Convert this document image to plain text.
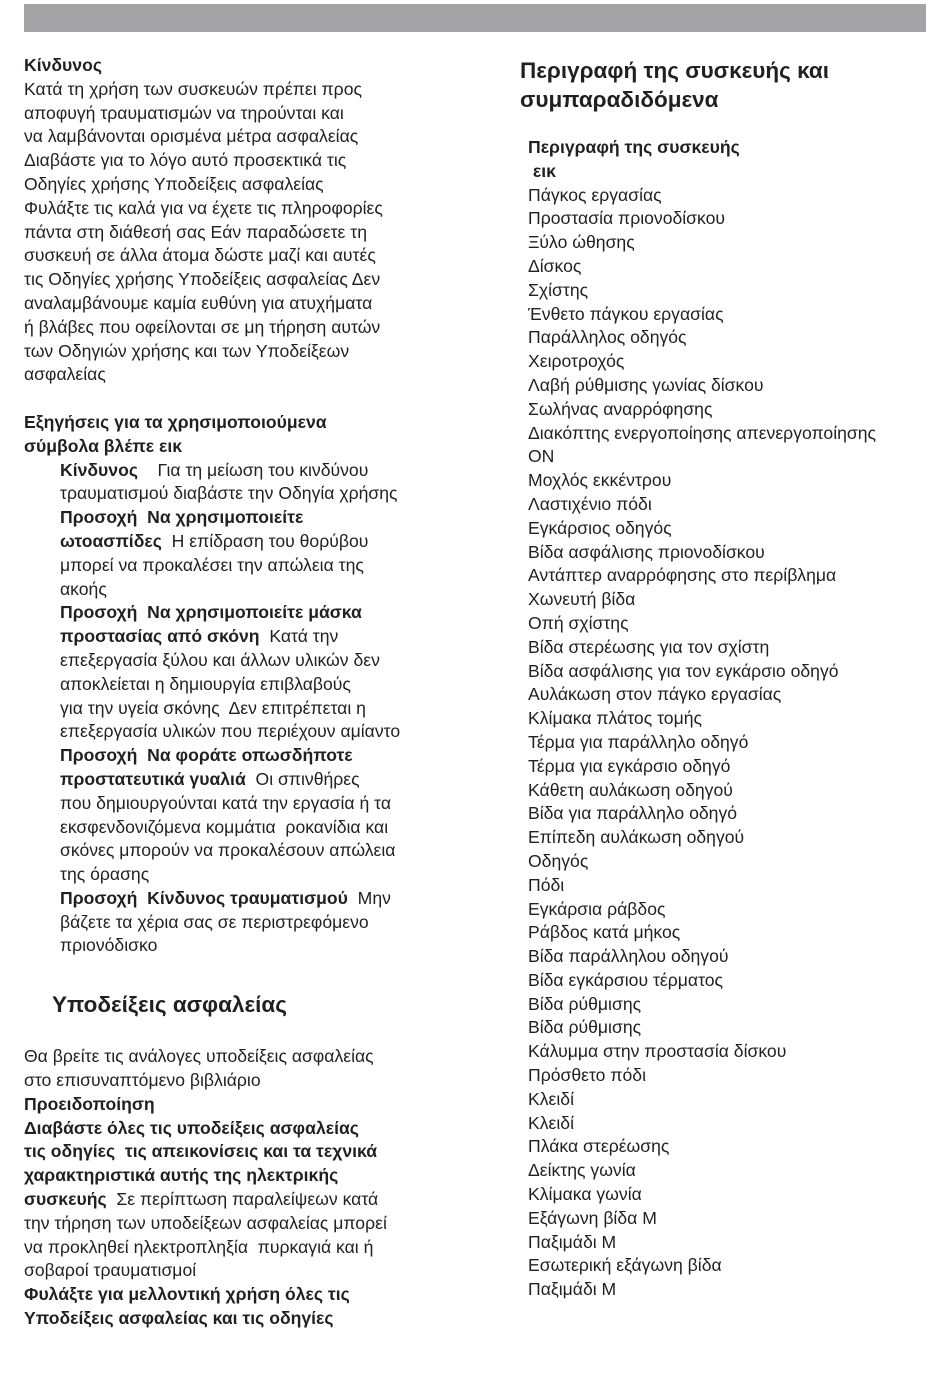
Κίνδυνος
Κατά τη χρήση των συσκευών πρέπει προς
αποφυγή τραυματισμών να τηρούνται και
να λαμβάνονται ορισμένα μέτρα ασφαλείας
Διαβάστε για το λόγο αυτό προσεκτικά τις
Οδηγίες χρήσης Υποδείξεις ασφαλείας
Φυλάξτε τις καλά για να έχετε τις πληροφορίες
πάντα στη διάθεσή σας Εάν παραδώσετε τη
συσκευή σε άλλα άτομα δώστε μαζί και αυτές
τις Οδηγίες χρήσης Υποδείξεις ασφαλείας Δεν
αναλαμβάνουμε καμία ευθύνη για ατυχήματα
ή βλάβες που οφείλονται σε μη τήρηση αυτών
των Οδηγιών χρήσης και των Υποδείξεων
ασφαλείας
Εξηγήσεις για τα χρησιμοποιούμενα
σύμβολα βλέπε εικ
Κίνδυνος    Για τη μείωση του κινδύνου
τραυματισμού διαβάστε την Οδηγία χρήσης
Προσοχή  Να χρησιμοποιείτε
ωτοασπίδες  Η επίδραση του θορύβου
μπορεί να προκαλέσει την απώλεια της
ακοής
Προσοχή  Να χρησιμοποιείτε μάσκα
προστασίας από σκόνη  Κατά την
επεξεργασία ξύλου και άλλων υλικών δεν
αποκλείεται η δημιουργία επιβλαβούς
για την υγεία σκόνης  Δεν επιτρέπεται η
επεξεργασία υλικών που περιέχουν αμίαντο
Προσοχή  Να φοράτε οπωσδήποτε
προστατευτικά γυαλιά  Οι σπινθήρες
που δημιουργούνται κατά την εργασία ή τα
εκσφενδονιζόμενα κομμάτια  ροκανίδια και
σκόνες μπορούν να προκαλέσουν απώλεια
της όρασης
Προσοχή  Κίνδυνος τραυματισμού  Μην
βάζετε τα χέρια σας σε περιστρεφόμενο
πριονόδισκο
Υποδείξεις ασφαλείας
Θα βρείτε τις ανάλογες υποδείξεις ασφαλείας
στο επισυναπτόμενο βιβλιάριο
Προειδοποίηση
Διαβάστε όλες τις υποδείξεις ασφαλείας
τις οδηγίες  τις απεικονίσεις και τα τεχνικά
χαρακτηριστικά αυτής της ηλεκτρικής
συσκευής  Σε περίπτωση παραλείψεων κατά
την τήρηση των υποδείξεων ασφαλείας μπορεί
να προκληθεί ηλεκτροπληξία  πυρκαγιά και ή
σοβαροί τραυματισμοί
Φυλάξτε για μελλοντική χρήση όλες τις
Υποδείξεις ασφαλείας και τις οδηγίες
Περιγραφή της συσκευής και
συμπαραδιδόμενα
Περιγραφή της συσκευής
εικ
Πάγκος εργασίας
Προστασία πριονοδίσκου
Ξύλο ώθησης
Δίσκος
Σχίστης
Ένθετο πάγκου εργασίας
Παράλληλος οδηγός
Χειροτροχός
Λαβή ρύθμισης γωνίας δίσκου
Σωλήνας αναρρόφησης
Διακόπτης ενεργοποίησης απενεργοποίησης
ON
Μοχλός εκκέντρου
Λαστιχένιο πόδι
Εγκάρσιος οδηγός
Βίδα ασφάλισης πριονοδίσκου
Αντάπτερ αναρρόφησης στο περίβλημα
Χωνευτή βίδα
Οπή σχίστης
Βίδα στερέωσης για τον σχίστη
Βίδα ασφάλισης για τον εγκάρσιο οδηγό
Αυλάκωση στον πάγκο εργασίας
Κλίμακα πλάτος τομής
Τέρμα για παράλληλο οδηγό
Τέρμα για εγκάρσιο οδηγό
Κάθετη αυλάκωση οδηγού
Βίδα για παράλληλο οδηγό
Επίπεδη αυλάκωση οδηγού
Οδηγός
Πόδι
Εγκάρσια ράβδος
Ράβδος κατά μήκος
Βίδα παράλληλου οδηγού
Βίδα εγκάρσιου τέρματος
Βίδα ρύθμισης
Βίδα ρύθμισης
Κάλυμμα στην προστασία δίσκου
Πρόσθετο πόδι
Κλειδί
Κλειδί
Πλάκα στερέωσης
Δείκτης γωνία
Κλίμακα γωνία
Εξάγωνη βίδα Μ
Παξιμάδι Μ
Εσωτερική εξάγωνη βίδα
Παξιμάδι Μ
